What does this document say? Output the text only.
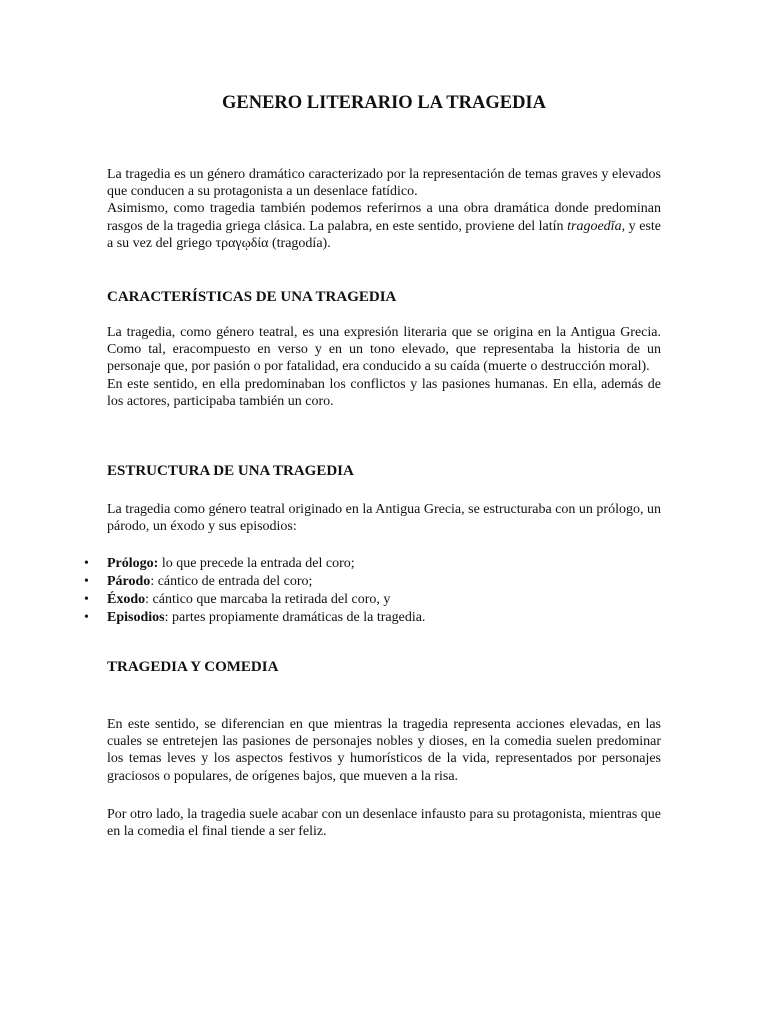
GENERO LITERARIO LA TRAGEDIA
La tragedia es un género dramático caracterizado por la representación de temas graves y elevados que conducen a su protagonista a un desenlace fatídico.
Asimismo, como tragedia también podemos referirnos a una obra dramática donde predominan rasgos de la tragedia griega clásica. La palabra, en este sentido, proviene del latín tragoedĭa, y este a su vez del griego τραγῳδία (tragodía).
CARACTERÍSTICAS DE UNA TRAGEDIA
La tragedia, como género teatral, es una expresión literaria que se origina en la Antigua Grecia. Como tal, eracompuesto en verso y en un tono elevado, que representaba la historia de un personaje que, por pasión o por fatalidad, era conducido a su caída (muerte o destrucción moral).
En este sentido, en ella predominaban los conflictos y las pasiones humanas. En ella, además de los actores, participaba también un coro.
ESTRUCTURA DE UNA TRAGEDIA
La tragedia como género teatral originado en la Antigua Grecia, se estructuraba con un prólogo, un párodo, un éxodo y sus episodios:
• Prólogo: lo que precede la entrada del coro;
• Párodo: cántico de entrada del coro;
• Éxodo: cántico que marcaba la retirada del coro, y
• Episodios: partes propiamente dramáticas de la tragedia.
TRAGEDIA Y COMEDIA
En este sentido, se diferencian en que mientras la tragedia representa acciones elevadas, en las cuales se entretejen las pasiones de personajes nobles y dioses, en la comedia suelen predominar los temas leves y los aspectos festivos y humorísticos de la vida, representados por personajes graciosos o populares, de orígenes bajos, que mueven a la risa.
Por otro lado, la tragedia suele acabar con un desenlace infausto para su protagonista, mientras que en la comedia el final tiende a ser feliz.
